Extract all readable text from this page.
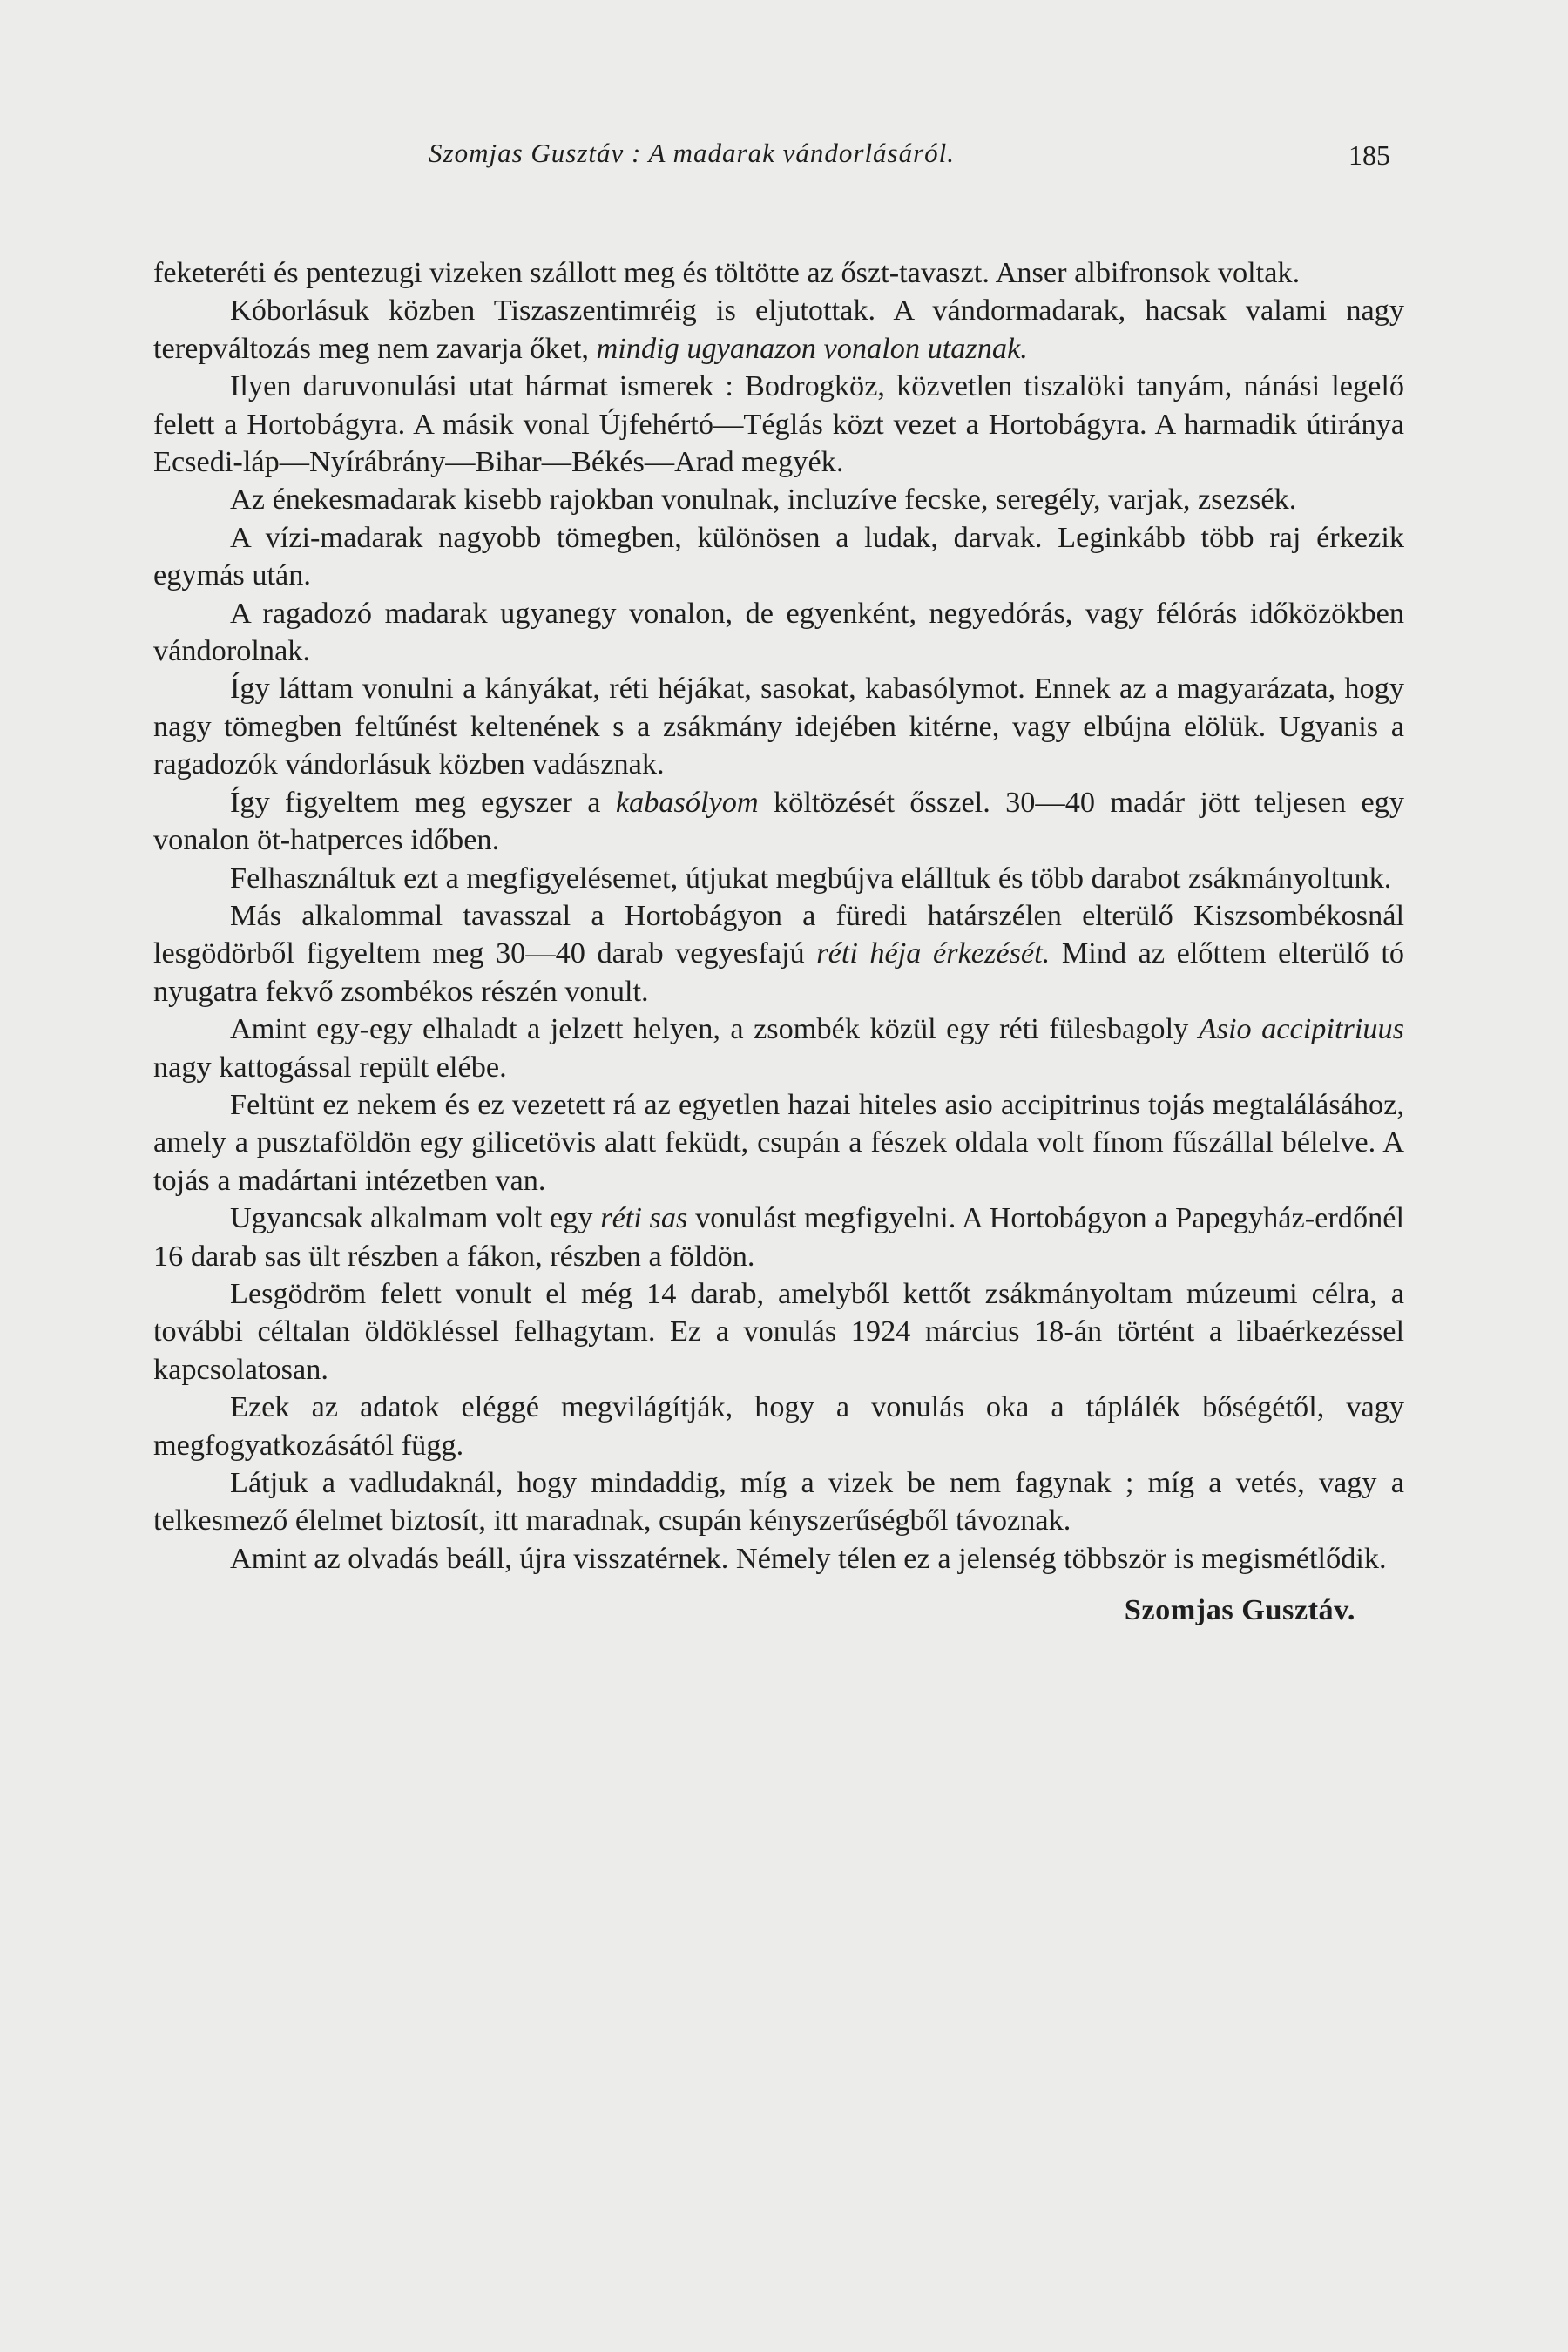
Szomjas Gusztáv : A madarak vándorlásáról.	185

feketeréti és pentezugi vizeken szállott meg és töltötte az őszt-tavaszt. Anser albifronsok voltak.

Kóborlásuk közben Tiszaszentimréig is eljutottak. A vándormadarak, hacsak valami nagy terepváltozás meg nem zavarja őket, mindig ugyanazon vonalon utaznak.

Ilyen daruvonulási utat hármat ismerek : Bodrogköz, közvetlen tiszalöki tanyám, nánási legelő felett a Hortobágyra. A másik vonal Újfehértó—Téglás közt vezet a Hortobágyra. A harmadik útiránya Ecsedi-láp—Nyírábrány—Bihar—Békés—Arad megyék.

Az énekesmadarak kisebb rajokban vonulnak, incluzíve fecske, seregély, varjak, zsezsék.

A vízi-madarak nagyobb tömegben, különösen a ludak, darvak. Leginkább több raj érkezik egymás után.

A ragadozó madarak ugyanegy vonalon, de egyenként, negyedórás, vagy félórás időközökben vándorolnak.

Így láttam vonulni a kányákat, réti héjákat, sasokat, kabasólymot. Ennek az a magyarázata, hogy nagy tömegben feltűnést keltenének s a zsákmány idejében kitérne, vagy elbújna elölük. Ugyanis a ragadozók vándorlásuk közben vadásznak.

Így figyeltem meg egyszer a kabasólyom költözését ősszel. 30—40 madár jött teljesen egy vonalon öt-hatperces időben.

Felhasználtuk ezt a megfigyelésemet, útjukat megbújva elálltuk és több darabot zsákmányoltunk.

Más alkalommal tavasszal a Hortobágyon a füredi határszélen elterülő Kiszsombékosnál lesgödörből figyeltem meg 30—40 darab vegyesfajú réti héja érkezését. Mind az előttem elterülő tó nyugatra fekvő zsombékos részén vonult.

Amint egy-egy elhaladt a jelzett helyen, a zsombék közül egy réti fülesbagoly Asio accipitriuus nagy kattogással repült elébe.

Feltünt ez nekem és ez vezetett rá az egyetlen hazai hiteles asio accipitrinus tojás megtalálásához, amely a pusztaföldön egy gilicetövis alatt feküdt, csupán a fészek oldala volt fínom fűszállal bélelve. A tojás a madártani intézetben van.

Ugyancsak alkalmam volt egy réti sas vonulást megfigyelni. A Hortobágyon a Papegyház-erdőnél 16 darab sas ült részben a fákon, részben a földön.

Lesgödröm felett vonult el még 14 darab, amelyből kettőt zsákmányoltam múzeumi célra, a további céltalan öldökléssel felhagytam. Ez a vonulás 1924 március 18-án történt a libaérkezéssel kapcsolatosan.

Ezek az adatok eléggé megvilágítják, hogy a vonulás oka a táplálék bőségétől, vagy megfogyatkozásától függ.

Látjuk a vadludaknál, hogy mindaddig, míg a vizek be nem fagynak ; míg a vetés, vagy a telkesmező élelmet biztosít, itt maradnak, csupán kényszerűségből távoznak.

Amint az olvadás beáll, újra visszatérnek. Némely télen ez a jelenség többször is megismétlődik.

Szomjas Gusztáv.
